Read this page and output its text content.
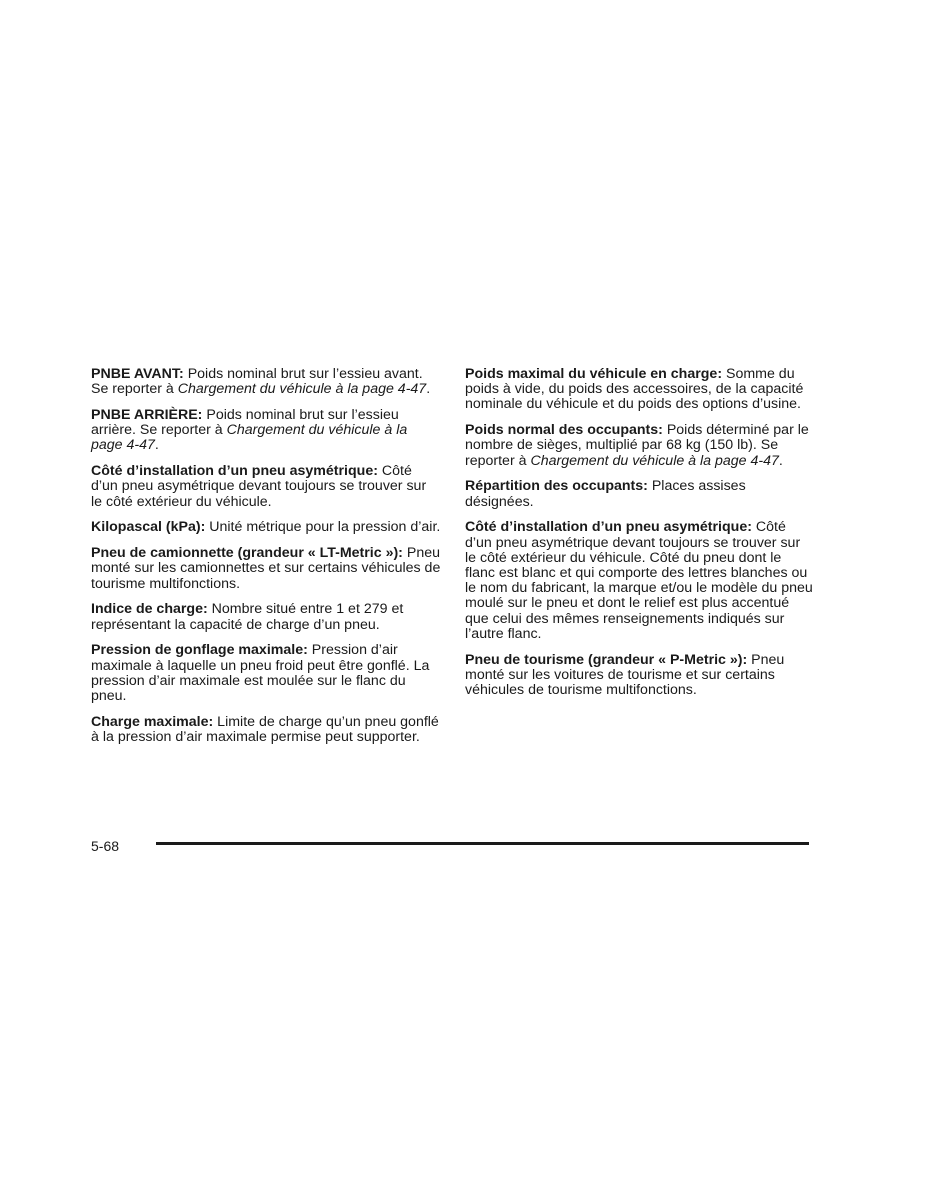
PNBE AVANT: Poids nominal brut sur l’essieu avant. Se reporter à Chargement du véhicule à la page 4-47.

PNBE ARRIÈRE: Poids nominal brut sur l’essieu arrière. Se reporter à Chargement du véhicule à la page 4-47.

Côté d’installation d’un pneu asymétrique: Côté d’un pneu asymétrique devant toujours se trouver sur le côté extérieur du véhicule.

Kilopascal (kPa): Unité métrique pour la pression d’air.

Pneu de camionnette (grandeur « LT-Metric »): Pneu monté sur les camionnettes et sur certains véhicules de tourisme multifonctions.

Indice de charge: Nombre situé entre 1 et 279 et représentant la capacité de charge d’un pneu.

Pression de gonflage maximale: Pression d’air maximale à laquelle un pneu froid peut être gonflé. La pression d’air maximale est moulée sur le flanc du pneu.

Charge maximale: Limite de charge qu’un pneu gonflé à la pression d’air maximale permise peut supporter.

Poids maximal du véhicule en charge: Somme du poids à vide, du poids des accessoires, de la capacité nominale du véhicule et du poids des options d’usine.

Poids normal des occupants: Poids déterminé par le nombre de sièges, multiplié par 68 kg (150 lb). Se reporter à Chargement du véhicule à la page 4-47.

Répartition des occupants: Places assises désignées.

Côté d’installation d’un pneu asymétrique: Côté d’un pneu asymétrique devant toujours se trouver sur le côté extérieur du véhicule. Côté du pneu dont le flanc est blanc et qui comporte des lettres blanches ou le nom du fabricant, la marque et/ou le modèle du pneu moulé sur le pneu et dont le relief est plus accentué que celui des mêmes renseignements indiqués sur l’autre flanc.

Pneu de tourisme (grandeur « P-Metric »): Pneu monté sur les voitures de tourisme et sur certains véhicules de tourisme multifonctions.

5-68
